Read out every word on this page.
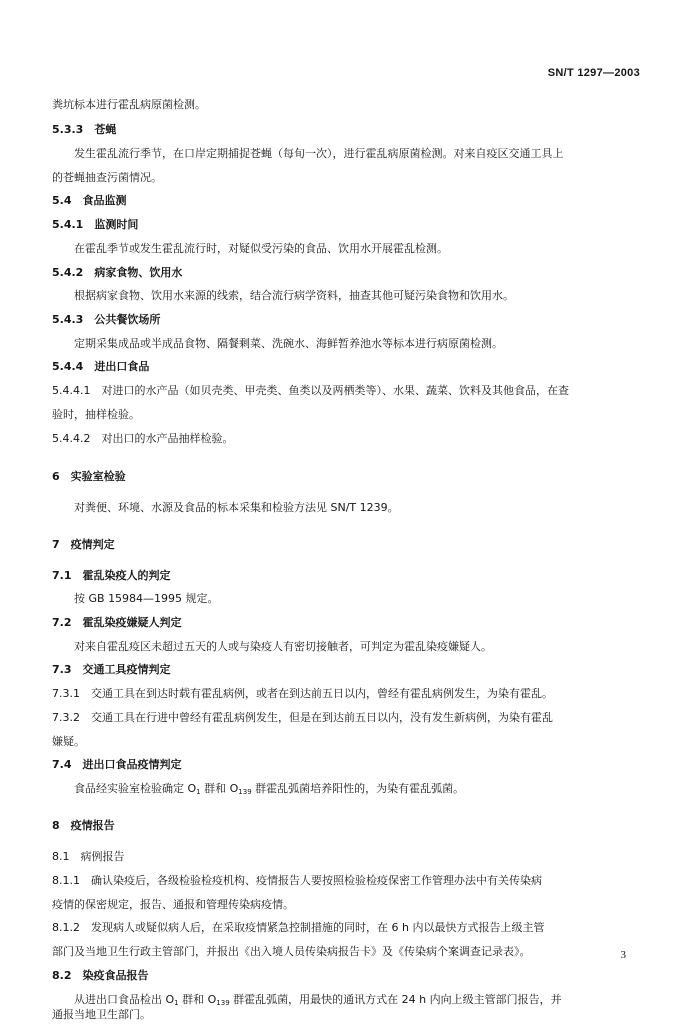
SN/T 1297—2003
粪坑标本进行霍乱病原菌检测。
5.3.3　苍蝇
发生霍乱流行季节，在口岸定期捕捉苍蝇（每旬一次），进行霍乱病原菌检测。对来自疫区交通工具上
的苍蝇抽查污菌情况。
5.4　食品监测
5.4.1　监测时间
在霍乱季节或发生霍乱流行时，对疑似受污染的食品、饮用水开展霍乱检测。
5.4.2　病家食物、饮用水
根据病家食物、饮用水来源的线索，结合流行病学资料，抽查其他可疑污染食物和饮用水。
5.4.3　公共餐饮场所
定期采集成品或半成品食物、隔餐剩菜、洗碗水、海鲜暂养池水等标本进行病原菌检测。
5.4.4　进出口食品
5.4.4.1　对进口的水产品（如贝壳类、甲壳类、鱼类以及两栖类等）、水果、蔬菜、饮料及其他食品，在查
验时，抽样检验。
5.4.4.2　对出口的水产品抽样检验。
6　实验室检验
对粪便、环境、水源及食品的标本采集和检验方法见 SN/T 1239。
7　疫情判定
7.1　霍乱染疫人的判定
按 GB 15984—1995 规定。
7.2　霍乱染疫嫌疑人判定
对来自霍乱疫区未超过五天的人或与染疫人有密切接触者，可判定为霍乱染疫嫌疑人。
7.3　交通工具疫情判定
7.3.1　交通工具在到达时载有霍乱病例，或者在到达前五日以内，曾经有霍乱病例发生，为染有霍乱。
7.3.2　交通工具在行进中曾经有霍乱病例发生，但是在到达前五日以内，没有发生新病例，为染有霍乱
嫌疑。
7.4　进出口食品疫情判定
食品经实验室检验确定 $O_1$ 群和 $O_{139}$ 群霍乱弧菌培养阳性的，为染有霍乱弧菌。
8　疫情报告
8.1　病例报告
8.1.1　确认染疫后，各级检验检疫机构、疫情报告人要按照检验检疫保密工作管理办法中有关传染病
疫情的保密规定，报告、通报和管理传染病疫情。
8.1.2　发现病人或疑似病人后，在采取疫情紧急控制措施的同时，在 6 h 内以最快方式报告上级主管
部门及当地卫生行政主管部门，并报出《出入境人员传染病报告卡》及《传染病个案调查记录表》。
8.2　染疫食品报告
从进出口食品检出 $O_1$ 群和 $O_{139}$ 群霍乱弧菌，用最快的通讯方式在 24 h 内向上级主管部门报告，并
通报当地卫生部门。
3
